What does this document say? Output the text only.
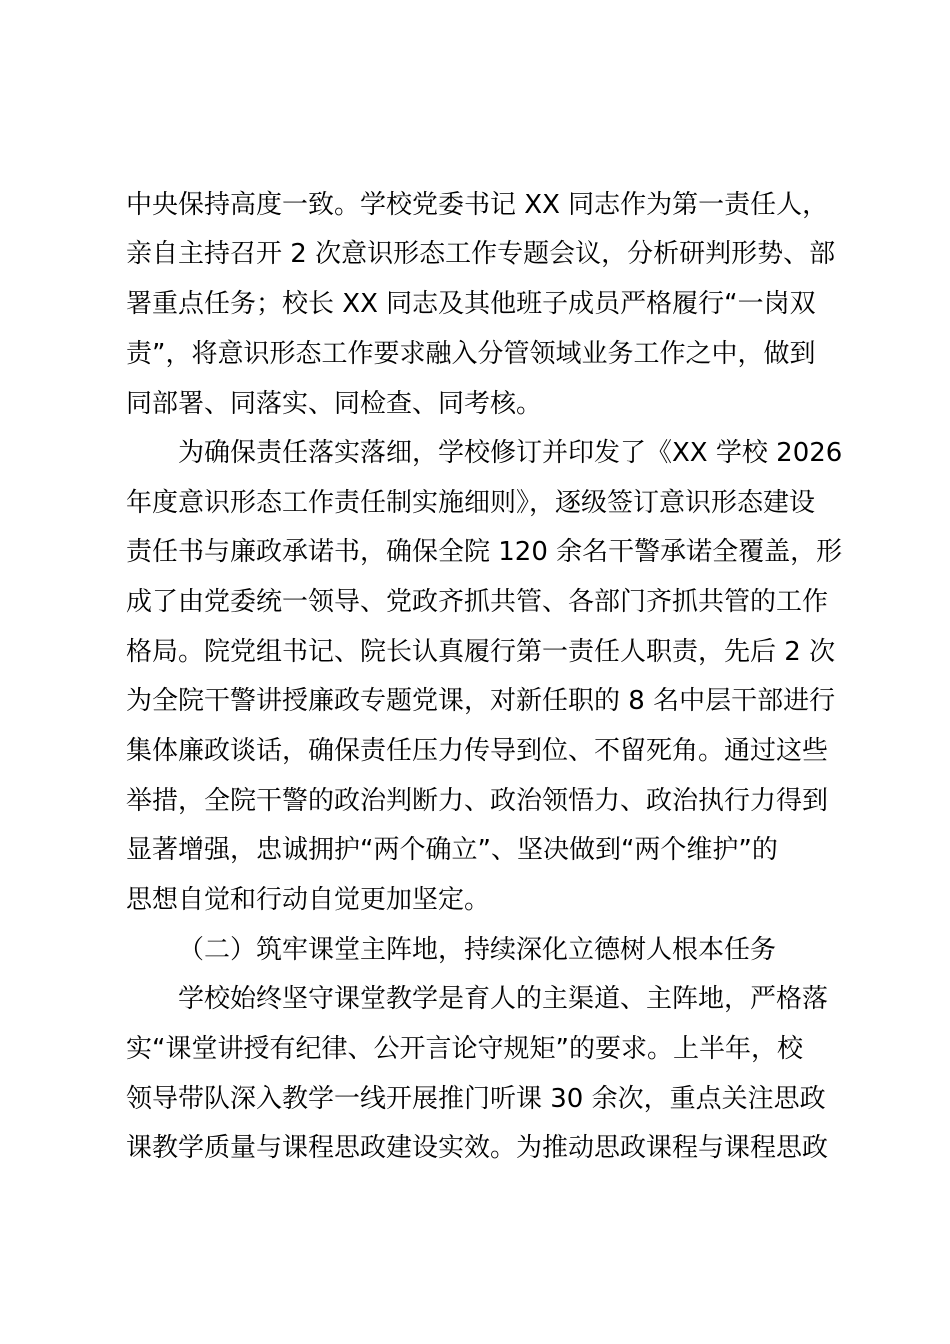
中央保持高度一致。学校党委书记 XX 同志作为第一责任人，
亲自主持召开 2 次意识形态工作专题会议，分析研判形势、部
署重点任务；校长 XX 同志及其他班子成员严格履行“一岗双
责”，将意识形态工作要求融入分管领域业务工作之中，做到
同部署、同落实、同检查、同考核。
为确保责任落实落细，学校修订并印发了《XX 学校 2026
年度意识形态工作责任制实施细则》，逐级签订意识形态建设
责任书与廉政承诺书，确保全院 120 余名干警承诺全覆盖，形
成了由党委统一领导、党政齐抓共管、各部门齐抓共管的工作
格局。院党组书记、院长认真履行第一责任人职责，先后 2 次
为全院干警讲授廉政专题党课，对新任职的 8 名中层干部进行
集体廉政谈话，确保责任压力传导到位、不留死角。通过这些
举措，全院干警的政治判断力、政治领悟力、政治执行力得到
显著增强，忠诚拥护“两个确立”、坚决做到“两个维护”的
思想自觉和行动自觉更加坚定。
（二）筑牢课堂主阵地，持续深化立德树人根本任务
学校始终坚守课堂教学是育人的主渠道、主阵地，严格落
实“课堂讲授有纪律、公开言论守规矩”的要求。上半年，校
领导带队深入教学一线开展推门听课 30 余次，重点关注思政
课教学质量与课程思政建设实效。为推动思政课程与课程思政
